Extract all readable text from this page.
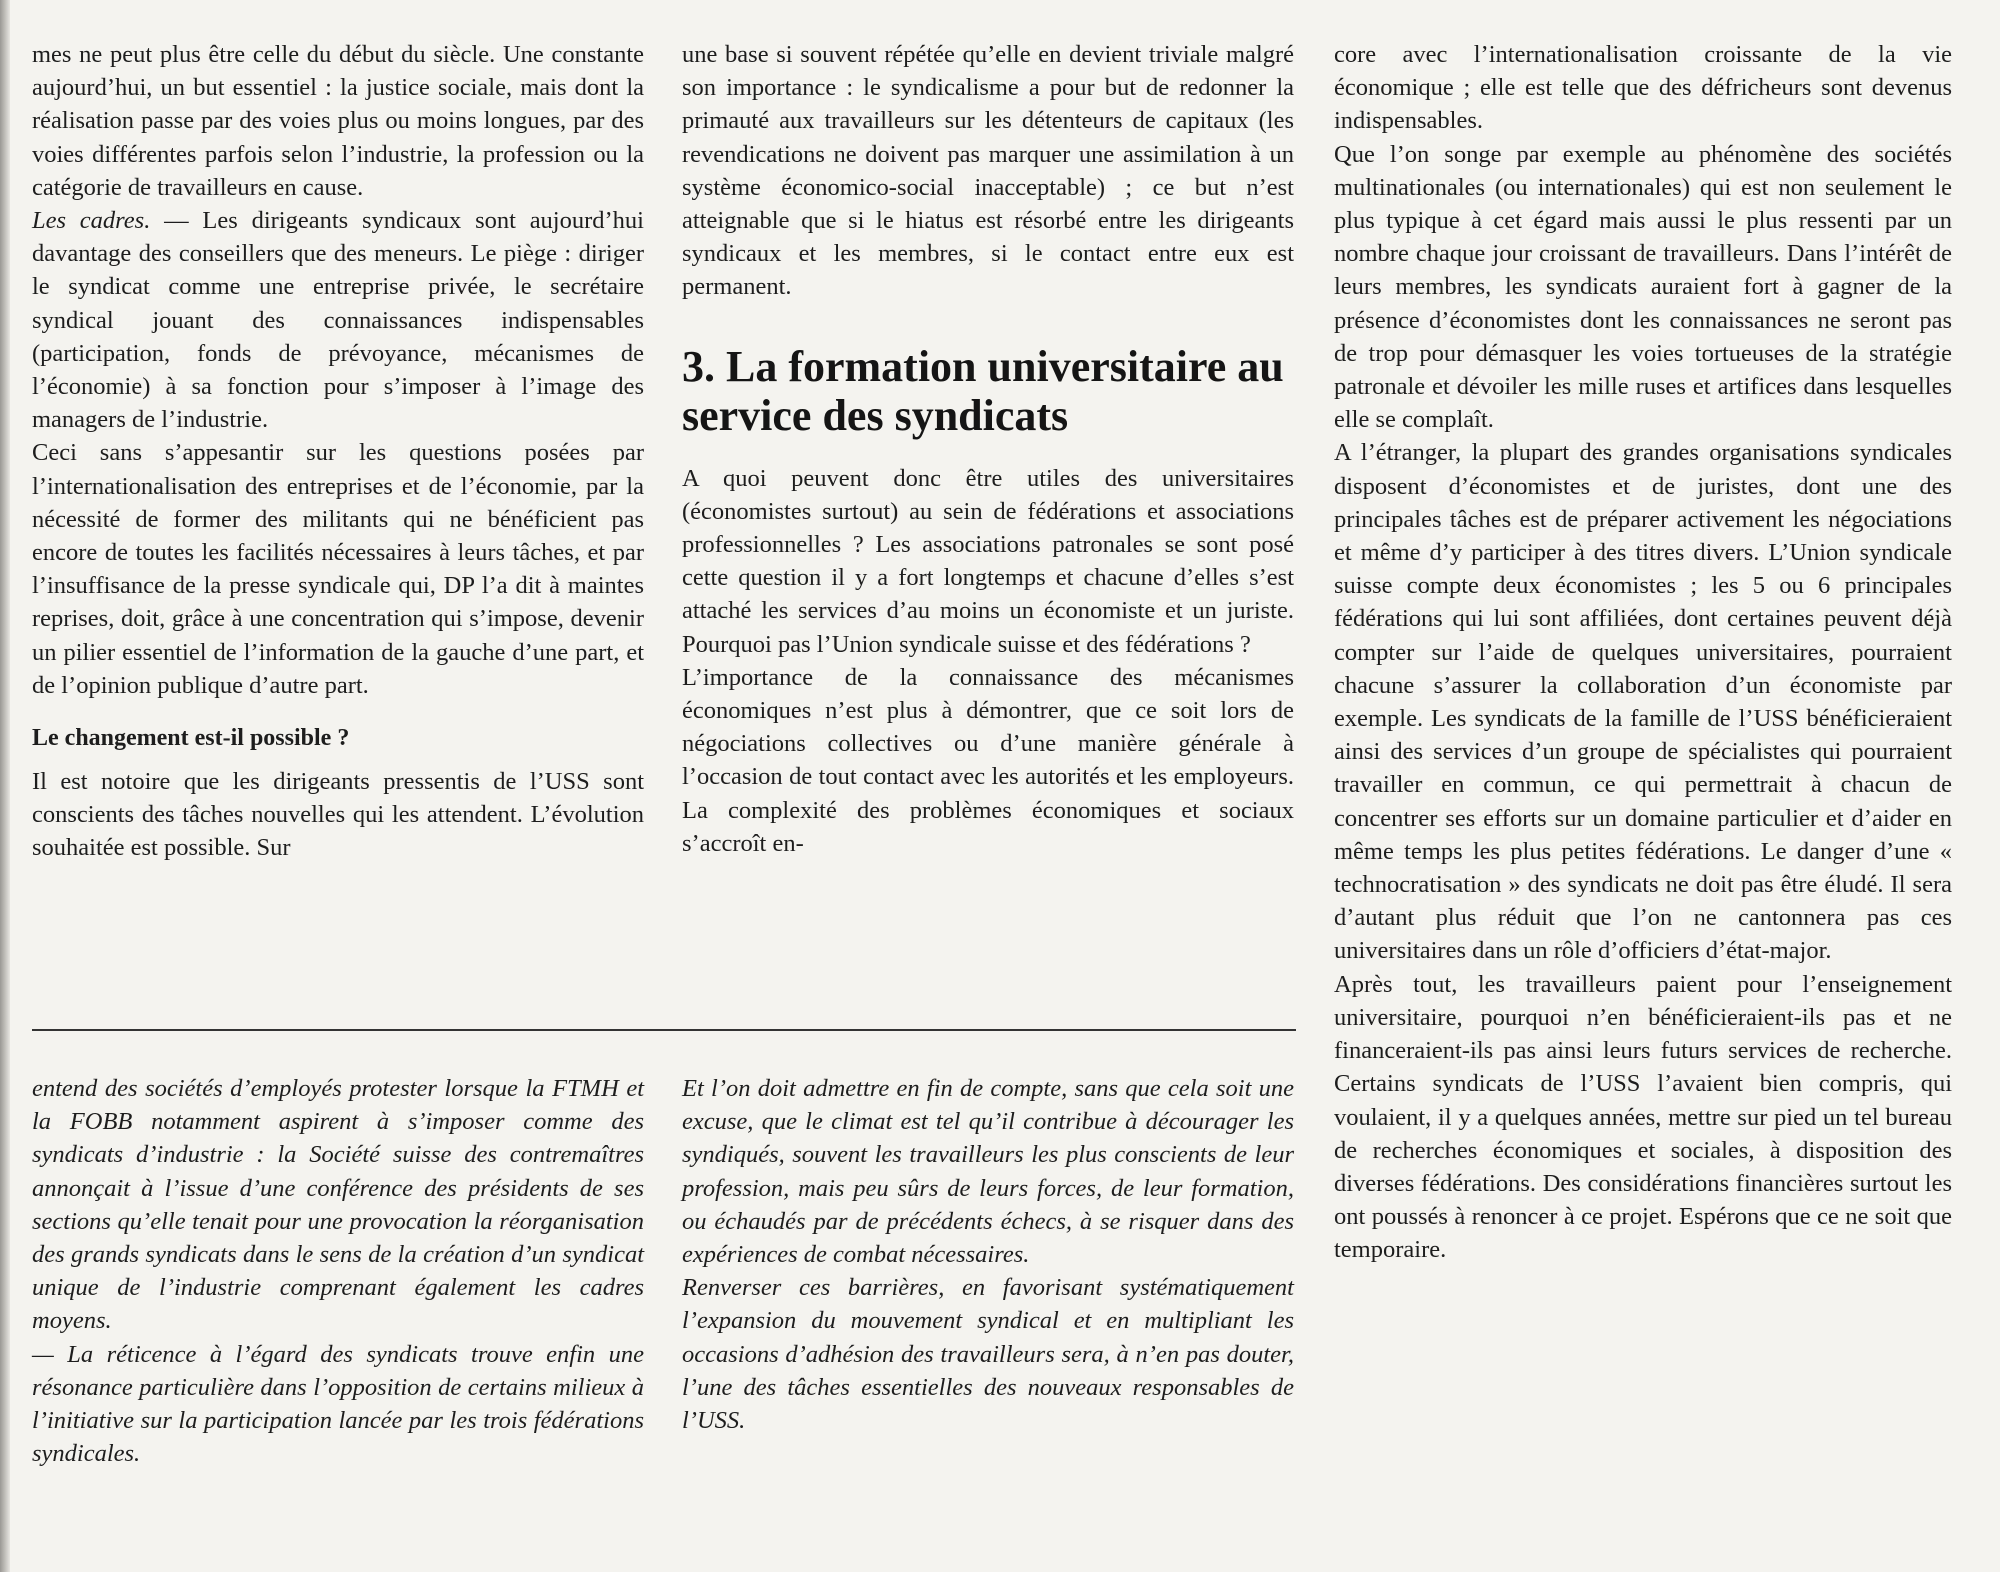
mes ne peut plus être celle du début du siècle. Une constante aujourd’hui, un but essentiel : la justice sociale, mais dont la réalisation passe par des voies plus ou moins longues, par des voies différentes parfois selon l’industrie, la profession ou la catégorie de travailleurs en cause.

Les cadres. — Les dirigeants syndicaux sont aujourd’hui davantage des conseillers que des meneurs. Le piège : diriger le syndicat comme une entreprise privée, le secrétaire syndical jouant des connaissances indispensables (participation, fonds de prévoyance, mécanismes de l’économie) à sa fonction pour s’imposer à l’image des managers de l’industrie.

Ceci sans s’appesantir sur les questions posées par l’internationalisation des entreprises et de l’économie, par la nécessité de former des militants qui ne bénéficient pas encore de toutes les facilités nécessaires à leurs tâches, et par l’insuffisance de la presse syndicale qui, DP l’a dit à maintes reprises, doit, grâce à une concentration qui s’impose, devenir un pilier essentiel de l’information de la gauche d’une part, et de l’opinion publique d’autre part.

Le changement est-il possible ?

Il est notoire que les dirigeants pressentis de l’USS sont conscients des tâches nouvelles qui les attendent. L’évolution souhaitée est possible. Sur

une base si souvent répétée qu’elle en devient triviale malgré son importance : le syndicalisme a pour but de redonner la primauté aux travailleurs sur les détenteurs de capitaux (les revendications ne doivent pas marquer une assimilation à un système économico-social inacceptable) ; ce but n’est atteignable que si le hiatus est résorbé entre les dirigeants syndicaux et les membres, si le contact entre eux est permanent.

3. La formation universitaire au service des syndicats

A quoi peuvent donc être utiles des universitaires (économistes surtout) au sein de fédérations et associations professionnelles ? Les associations patronales se sont posé cette question il y a fort longtemps et chacune d’elles s’est attaché les services d’au moins un économiste et un juriste. Pourquoi pas l’Union syndicale suisse et des fédérations ?

L’importance de la connaissance des mécanismes économiques n’est plus à démontrer, que ce soit lors de négociations collectives ou d’une manière générale à l’occasion de tout contact avec les autorités et les employeurs. La complexité des problèmes économiques et sociaux s’accroît en-

core avec l’internationalisation croissante de la vie économique ; elle est telle que des défricheurs sont devenus indispensables.

Que l’on songe par exemple au phénomène des sociétés multinationales (ou internationales) qui est non seulement le plus typique à cet égard mais aussi le plus ressenti par un nombre chaque jour croissant de travailleurs. Dans l’intérêt de leurs membres, les syndicats auraient fort à gagner de la présence d’économistes dont les connaissances ne seront pas de trop pour démasquer les voies tortueuses de la stratégie patronale et dévoiler les mille ruses et artifices dans lesquelles elle se complaît.

A l’étranger, la plupart des grandes organisations syndicales disposent d’économistes et de juristes, dont une des principales tâches est de préparer activement les négociations et même d’y participer à des titres divers. L’Union syndicale suisse compte deux économistes ; les 5 ou 6 principales fédérations qui lui sont affiliées, dont certaines peuvent déjà compter sur l’aide de quelques universitaires, pourraient chacune s’assurer la collaboration d’un économiste par exemple. Les syndicats de la famille de l’USS bénéficieraient ainsi des services d’un groupe de spécialistes qui pourraient travailler en commun, ce qui permettrait à chacun de concentrer ses efforts sur un domaine particulier et d’aider en même temps les plus petites fédérations. Le danger d’une « technocratisation » des syndicats ne doit pas être éludé. Il sera d’autant plus réduit que l’on ne cantonnera pas ces universitaires dans un rôle d’officiers d’état-major.

Après tout, les travailleurs paient pour l’enseignement universitaire, pourquoi n’en bénéficieraient-ils pas et ne financeraient-ils pas ainsi leurs futurs services de recherche. Certains syndicats de l’USS l’avaient bien compris, qui voulaient, il y a quelques années, mettre sur pied un tel bureau de recherches économiques et sociales, à disposition des diverses fédérations. Des considérations financières surtout les ont poussés à renoncer à ce projet. Espérons que ce ne soit que temporaire.

entend des sociétés d’employés protester lorsque la FTMH et la FOBB notamment aspirent à s’imposer comme des syndicats d’industrie : la Société suisse des contremaîtres annonçait à l’issue d’une conférence des présidents de ses sections qu’elle tenait pour une provocation la réorganisation des grands syndicats dans le sens de la création d’un syndicat unique de l’industrie comprenant également les cadres moyens.

— La réticence à l’égard des syndicats trouve enfin une résonance particulière dans l’opposition de certains milieux à l’initiative sur la participation lancée par les trois fédérations syndicales.

Et l’on doit admettre en fin de compte, sans que cela soit une excuse, que le climat est tel qu’il contribue à décourager les syndiqués, souvent les travailleurs les plus conscients de leur profession, mais peu sûrs de leurs forces, de leur formation, ou échaudés par de précédents échecs, à se risquer dans des expériences de combat nécessaires.

Renverser ces barrières, en favorisant systématiquement l’expansion du mouvement syndical et en multipliant les occasions d’adhésion des travailleurs sera, à n’en pas douter, l’une des tâches essentielles des nouveaux responsables de l’USS.
